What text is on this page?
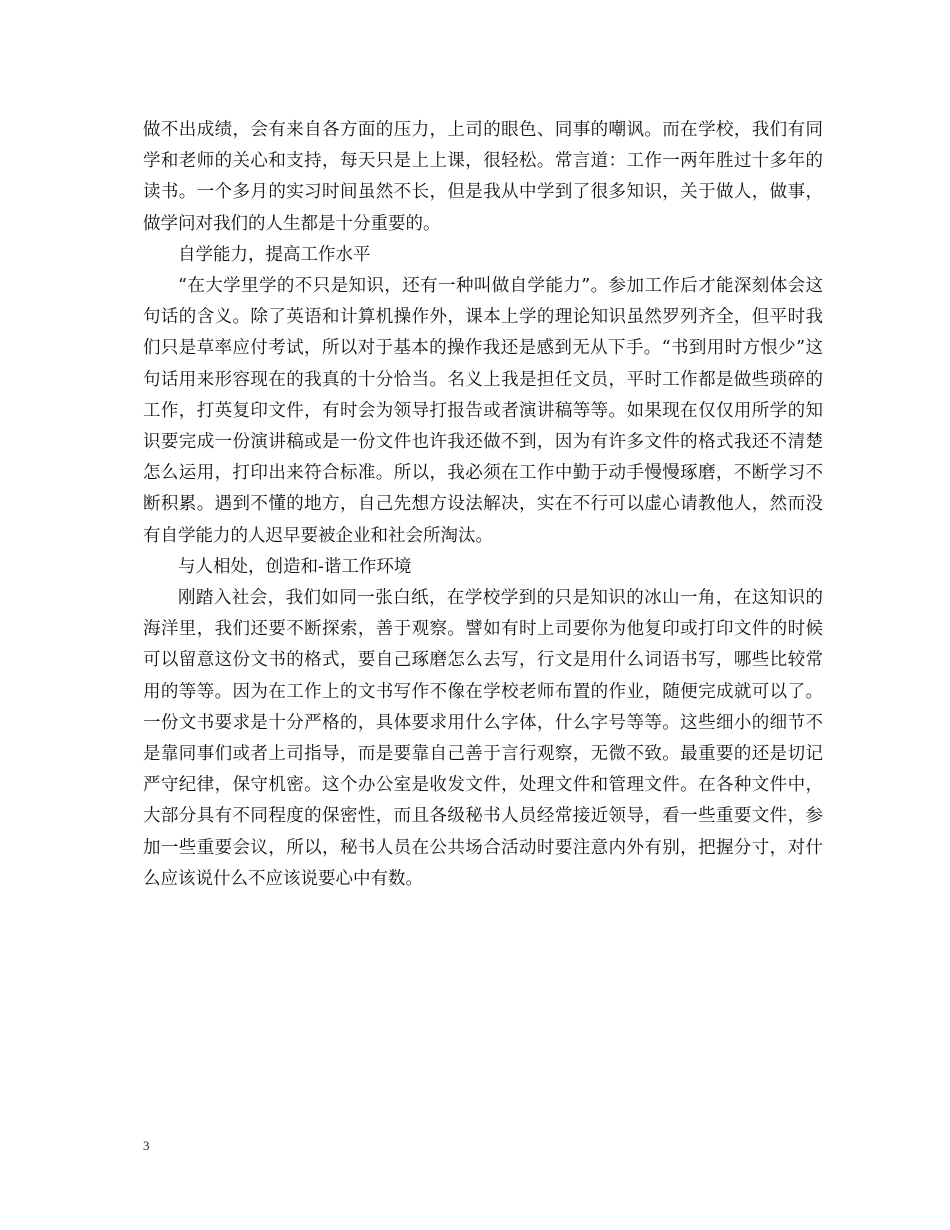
做不出成绩，会有来自各方面的压力，上司的眼色、同事的嘲讽。而在学校，我们有同学和老师的关心和支持，每天只是上上课，很轻松。常言道：工作一两年胜过十多年的读书。一个多月的实习时间虽然不长，但是我从中学到了很多知识，关于做人，做事，做学问对我们的人生都是十分重要的。

自学能力，提高工作水平

“在大学里学的不只是知识，还有一种叫做自学能力”。参加工作后才能深刻体会这句话的含义。除了英语和计算机操作外，课本上学的理论知识虽然罗列齐全，但平时我们只是草率应付考试，所以对于基本的操作我还是感到无从下手。“书到用时方恨少”这句话用来形容现在的我真的十分恰当。名义上我是担任文员，平时工作都是做些琐碎的工作，打英复印文件，有时会为领导打报告或者演讲稿等等。如果现在仅仅用所学的知识要完成一份演讲稿或是一份文件也许我还做不到，因为有许多文件的格式我还不清楚怎么运用，打印出来符合标准。所以，我必须在工作中勤于动手慢慢琢磨，不断学习不断积累。遇到不懂的地方，自己先想方设法解决，实在不行可以虚心请教他人，然而没有自学能力的人迟早要被企业和社会所淘汰。

与人相处，创造和-谐工作环境

刚踏入社会，我们如同一张白纸，在学校学到的只是知识的冰山一角，在这知识的海洋里，我们还要不断探索，善于观察。譬如有时上司要你为他复印或打印文件的时候可以留意这份文书的格式，要自己琢磨怎么去写，行文是用什么词语书写，哪些比较常用的等等。因为在工作上的文书写作不像在学校老师布置的作业，随便完成就可以了。一份文书要求是十分严格的，具体要求用什么字体，什么字号等等。这些细小的细节不是靠同事们或者上司指导，而是要靠自己善于言行观察，无微不致。最重要的还是切记严守纪律，保守机密。这个办公室是收发文件，处理文件和管理文件。在各种文件中，大部分具有不同程度的保密性，而且各级秘书人员经常接近领导，看一些重要文件，参加一些重要会议，所以，秘书人员在公共场合活动时要注意内外有别，把握分寸，对什么应该说什么不应该说要心中有数。

3
